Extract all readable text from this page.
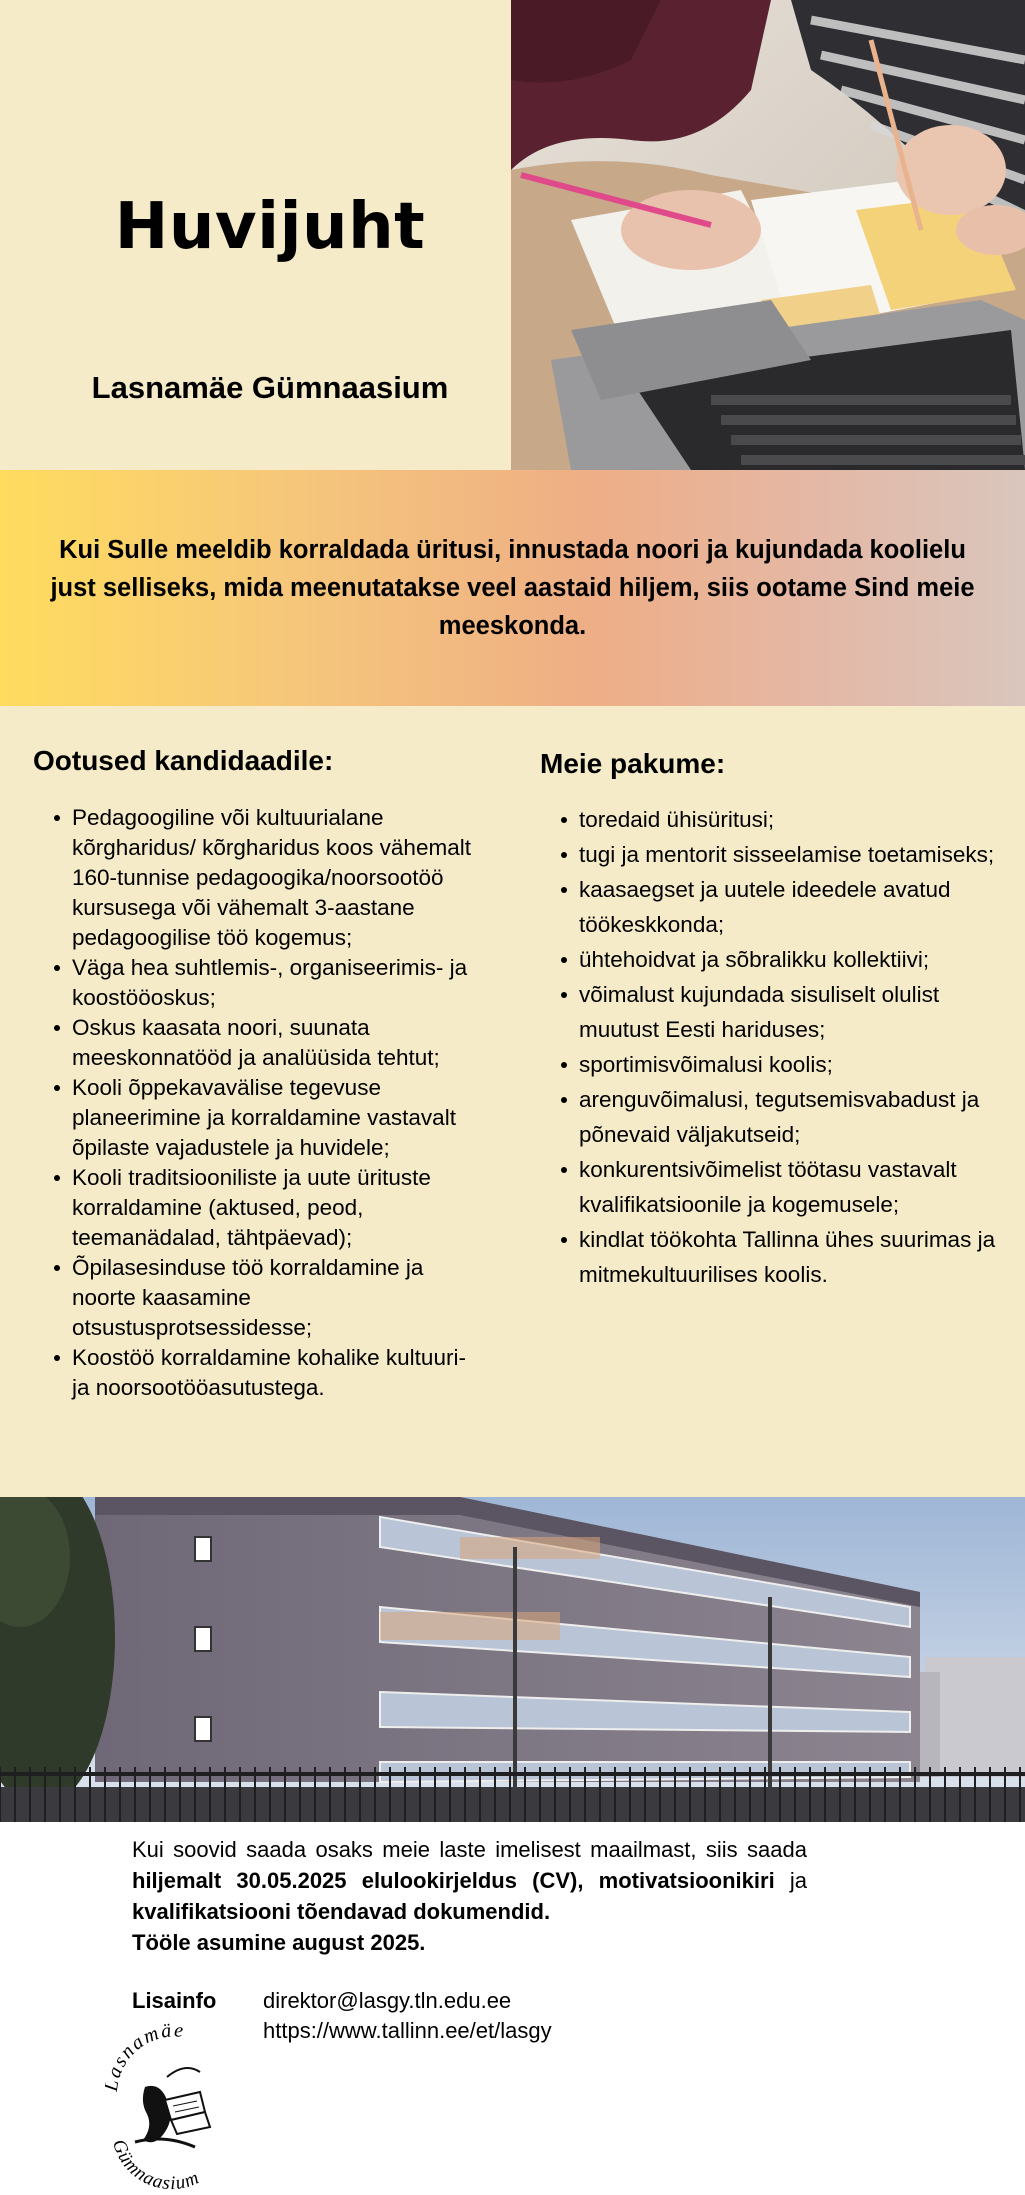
Huvijuht
Lasnamäe Gümnaasium

Kui Sulle meeldib korraldada üritusi, innustada noori ja kujundada koolielu just selliseks, mida meenutatakse veel aastaid hiljem, siis ootame Sind meie meeskonda.

Ootused kandidaadile:
Pedagoogiline või kultuurialane kõrgharidus/ kõrgharidus koos vähemalt 160-tunnise pedagoogika/noorsootöö kursusega või vähemalt 3-aastane pedagoogilise töö kogemus;
Väga hea suhtlemis-, organiseerimis- ja koostööoskus;
Oskus kaasata noori, suunata meeskonnatööd ja analüüsida tehtut;
Kooli õppekavavälise tegevuse planeerimine ja korraldamine vastavalt õpilaste vajadustele ja huvidele;
Kooli traditsiooniliste ja uute ürituste korraldamine (aktused, peod, teemanädalad, tähtpäevad);
Õpilasesinduse töö korraldamine ja noorte kaasamine otsustusprotsessidesse;
Koostöö korraldamine kohalike kultuuri- ja noorsootööasutustega.
Meie pakume:
toredaid ühisüritusi;
tugi ja mentorit sisseelamise toetamiseks;
kaasaegset ja uutele ideedele avatud töökeskkonda;
ühtehoidvat ja sõbralikku kollektiivi;
võimalust kujundada sisuliselt olulist muutust Eesti hariduses;
sportimisvõimalusi koolis;
arenguvõimalusi, tegutsemisvabadust ja põnevaid väljakutseid;
konkurentsivõimelist töötasu vastavalt kvalifikatsioonile ja kogemusele;
kindlat töökohta Tallinna ühes suurimas ja mitmekultuurilises koolis.
Kui soovid saada osaks meie laste imelisest maailmast, siis saada hiljemalt 30.05.2025 elulookirjeldus (CV), motivatsioonikiri ja kvalifikatsiooni tõendavad dokumendid.
Tööle asumine august 2025.
Lisainfo direktor@lasgy.tln.edu.ee
https://www.tallinn.ee/et/lasgy
asnamäe
Gümnaasium
